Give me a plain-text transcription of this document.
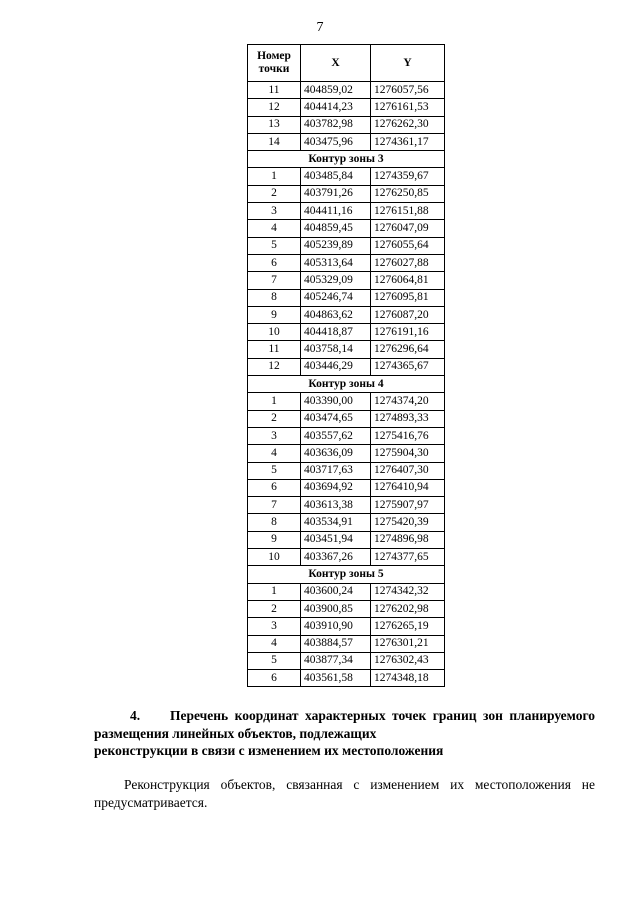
7
Номер точки	X	Y
11	404859,02	1276057,56
12	404414,23	1276161,53
13	403782,98	1276262,30
14	403475,96	1274361,17
Контур зоны 3		
1	403485,84	1274359,67
2	403791,26	1276250,85
3	404411,16	1276151,88
4	404859,45	1276047,09
5	405239,89	1276055,64
6	405313,64	1276027,88
7	405329,09	1276064,81
8	405246,74	1276095,81
9	404863,62	1276087,20
10	404418,87	1276191,16
11	403758,14	1276296,64
12	403446,29	1274365,67
Контур зоны 4		
1	403390,00	1274374,20
2	403474,65	1274893,33
3	403557,62	1275416,76
4	403636,09	1275904,30
5	403717,63	1276407,30
6	403694,92	1276410,94
7	403613,38	1275907,97
8	403534,91	1275420,39
9	403451,94	1274896,98
10	403367,26	1274377,65
Контур зоны 5		
1	403600,24	1274342,32
2	403900,85	1276202,98
3	403910,90	1276265,19
4	403884,57	1276301,21
5	403877,34	1276302,43
6	403561,58	1274348,18
4. Перечень координат характерных точек границ зон планируемого размещения линейных объектов, подлежащих
реконструкции в связи с изменением их местоположения
Реконструкция объектов, связанная с изменением их местоположения не предусматривается.
